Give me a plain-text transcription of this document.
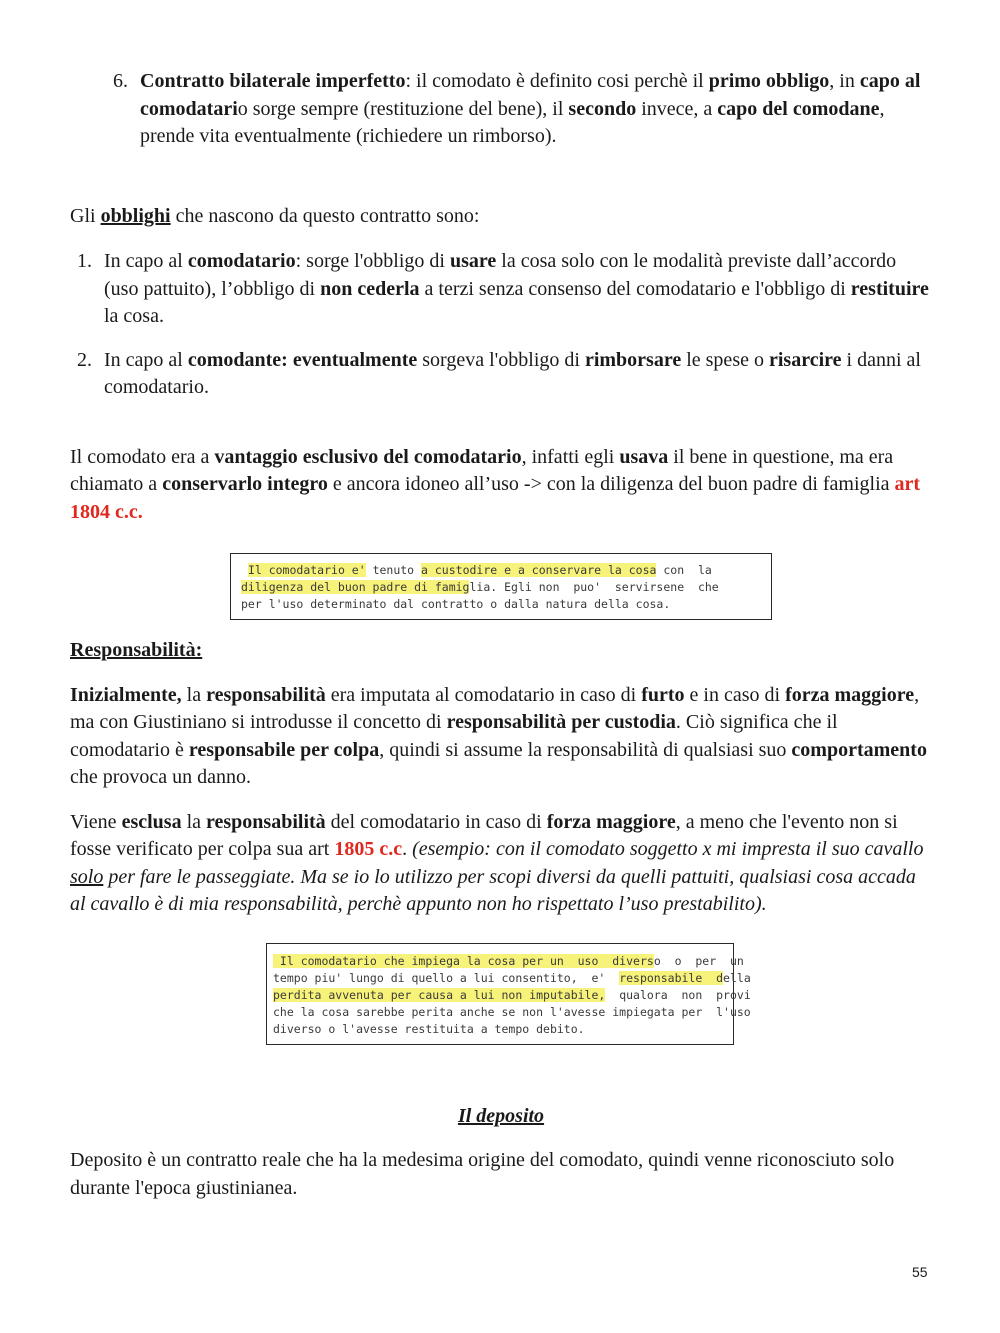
6. Contratto bilaterale imperfetto: il comodato è definito cosi perchè il primo obbligo, in capo al comodatario sorge sempre (restituzione del bene), il secondo invece, a capo del comodane, prende vita eventualmente (richiedere un rimborso).

Gli obblighi che nascono da questo contratto sono:

1. In capo al comodatario: sorge l'obbligo di usare la cosa solo con le modalità previste dall’accordo (uso pattuito), l’obbligo di non cederla a terzi senza consenso del comodatario e l'obbligo di restituire la cosa.
2. In capo al comodante: eventualmente sorgeva l'obbligo di rimborsare le spese o risarcire i danni al comodatario.

Il comodato era a vantaggio esclusivo del comodatario, infatti egli usava il bene in questione, ma era chiamato a conservarlo integro e ancora idoneo all’uso -> con la diligenza del buon padre di famiglia art 1804 c.c.

Il comodatario e' tenuto a custodire e a conservare la cosa con  la
diligenza del buon padre di famiglia. Egli non  puo'  servirsene  che
per l'uso determinato dal contratto o dalla natura della cosa.

Responsabilità:

Inizialmente, la responsabilità era imputata al comodatario in caso di furto e in caso di forza maggiore, ma con Giustiniano si introdusse il concetto di responsabilità per custodia. Ciò significa che il comodatario è responsabile per colpa, quindi si assume la responsabilità di qualsiasi suo comportamento che provoca un danno.

Viene esclusa la responsabilità del comodatario in caso di forza maggiore, a meno che l'evento non si fosse verificato per colpa sua art 1805 c.c. (esempio: con il comodato soggetto x mi impresta il suo cavallo solo per fare le passeggiate. Ma se io lo utilizzo per scopi diversi da quelli pattuiti, qualsiasi cosa accada al cavallo è di mia responsabilità, perchè appunto non ho rispettato l’uso prestabilito).

Il comodatario che impiega la cosa per un  uso  diverso  o  per  un
tempo piu' lungo di quello a lui consentito,  e'  responsabile  della
perdita avvenuta per causa a lui non imputabile,  qualora  non  provi
che la cosa sarebbe perita anche se non l'avesse impiegata per  l'uso
diverso o l'avesse restituita a tempo debito.

Il deposito

Deposito è un contratto reale che ha la medesima origine del comodato, quindi venne riconosciuto solo durante l'epoca giustinianea.

55
